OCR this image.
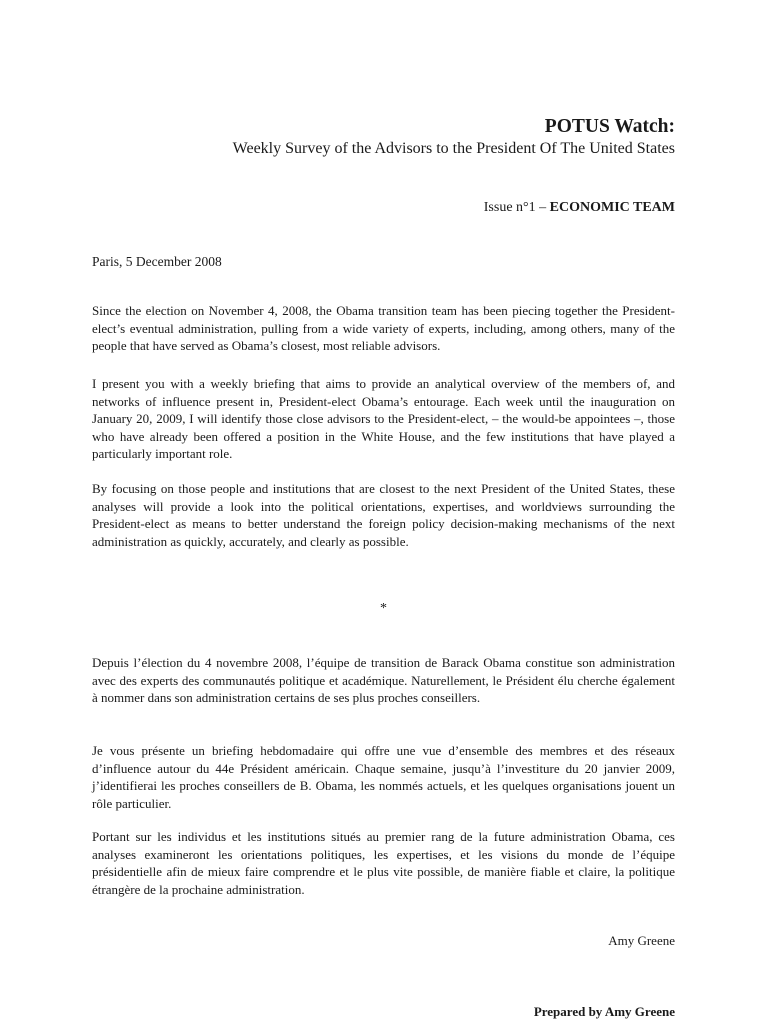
POTUS Watch:
Weekly Survey of the Advisors to the President Of The United States
Issue n°1 – ECONOMIC TEAM
Paris, 5 December 2008

Since the election on November 4, 2008, the Obama transition team has been piecing together the President-elect’s eventual administration, pulling from a wide variety of experts, including, among others, many of the people that have served as Obama’s closest, most reliable advisors.

I present you with a weekly briefing that aims to provide an analytical overview of the members of, and networks of influence present in, President-elect Obama’s entourage. Each week until the inauguration on January 20, 2009, I will identify those close advisors to the President-elect, – the would-be appointees –, those who have already been offered a position in the White House, and the few institutions that have played a particularly important role.

By focusing on those people and institutions that are closest to the next President of the United States, these analyses will provide a look into the political orientations, expertises, and worldviews surrounding the President-elect as means to better understand the foreign policy decision-making mechanisms of the next administration as quickly, accurately, and clearly as possible.

*

Depuis l’élection du 4 novembre 2008, l’équipe de transition de Barack Obama constitue son administration avec des experts des communautés politique et académique. Naturellement, le Président élu cherche également à nommer dans son administration certains de ses plus proches conseillers.

Je vous présente un briefing hebdomadaire qui offre une vue d’ensemble des membres et des réseaux d’influence autour du 44e Président américain. Chaque semaine, jusqu’à l’investiture du 20 janvier 2009, j’identifierai les proches conseillers de B. Obama, les nommés actuels, et les quelques organisations jouent un rôle particulier.

Portant sur les individus et les institutions situés au premier rang de la future administration Obama, ces analyses examineront les orientations politiques, les expertises, et les visions du monde de l’équipe présidentielle afin de mieux faire comprendre et le plus vite possible, de manière fiable et claire, la politique étrangère de la prochaine administration.

Amy Greene
Prepared by Amy Greene
